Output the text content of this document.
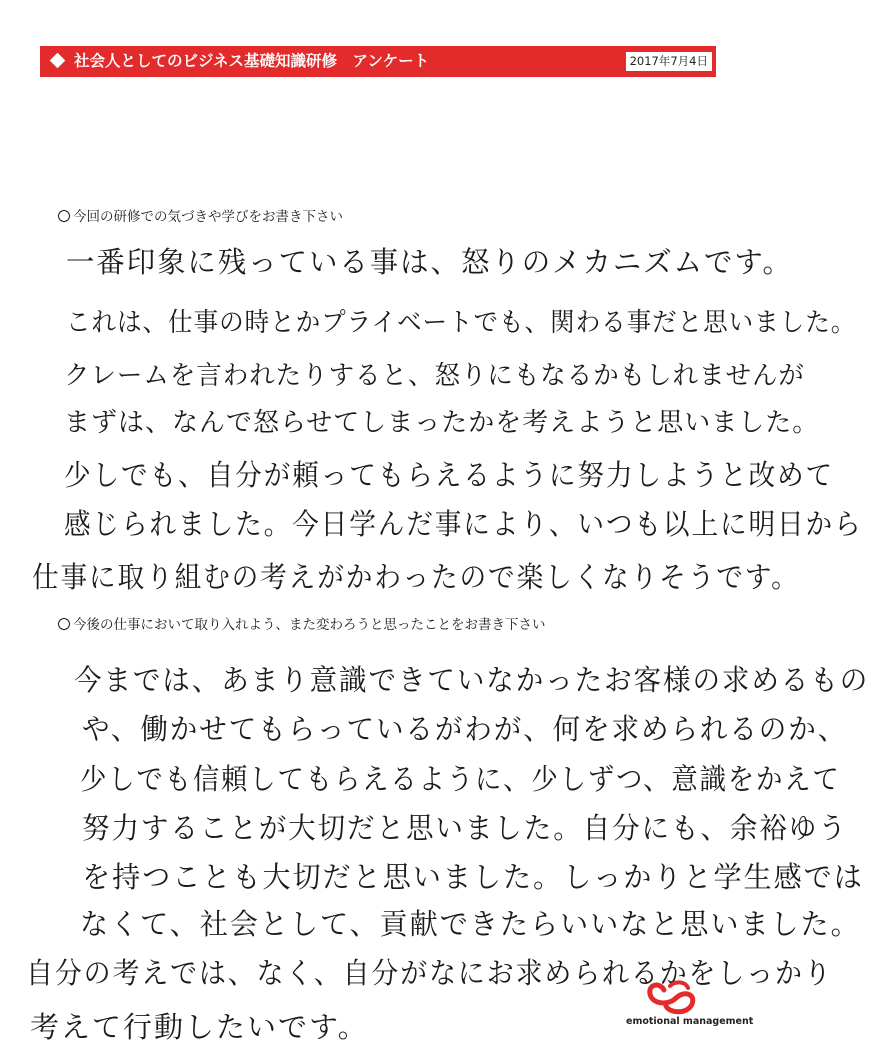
社会人としてのビジネス基礎知識研修　アンケート	2017年7月4日
今回の研修での気づきや学びをお書き下さい
一番印象に残っている事は、怒りのメカニズムです。
これは、仕事の時とかプライベートでも、関わる事だと思いました。
クレームを言われたりすると、怒りにもなるかもしれませんが
まずは、なんで怒らせてしまったかを考えようと思いました。
少しでも、自分が頼ってもらえるように努力しようと改めて
感じられました。今日学んだ事により、いつも以上に明日から
仕事に取り組むの考えがかわったので楽しくなりそうです。
今後の仕事において取り入れよう、また変わろうと思ったことをお書き下さい
今までは、あまり意識できていなかったお客様の求めるもの
や、働かせてもらっているがわが、何を求められるのか、
少しでも信頼してもらえるように、少しずつ、意識をかえて
努力することが大切だと思いました。自分にも、余裕ゆう
を持つことも大切だと思いました。しっかりと学生感では
なくて、社会として、貢献できたらいいなと思いました。
自分の考えでは、なく、自分がなにお求められるかをしっかり
考えて行動したいです。	emotional management
